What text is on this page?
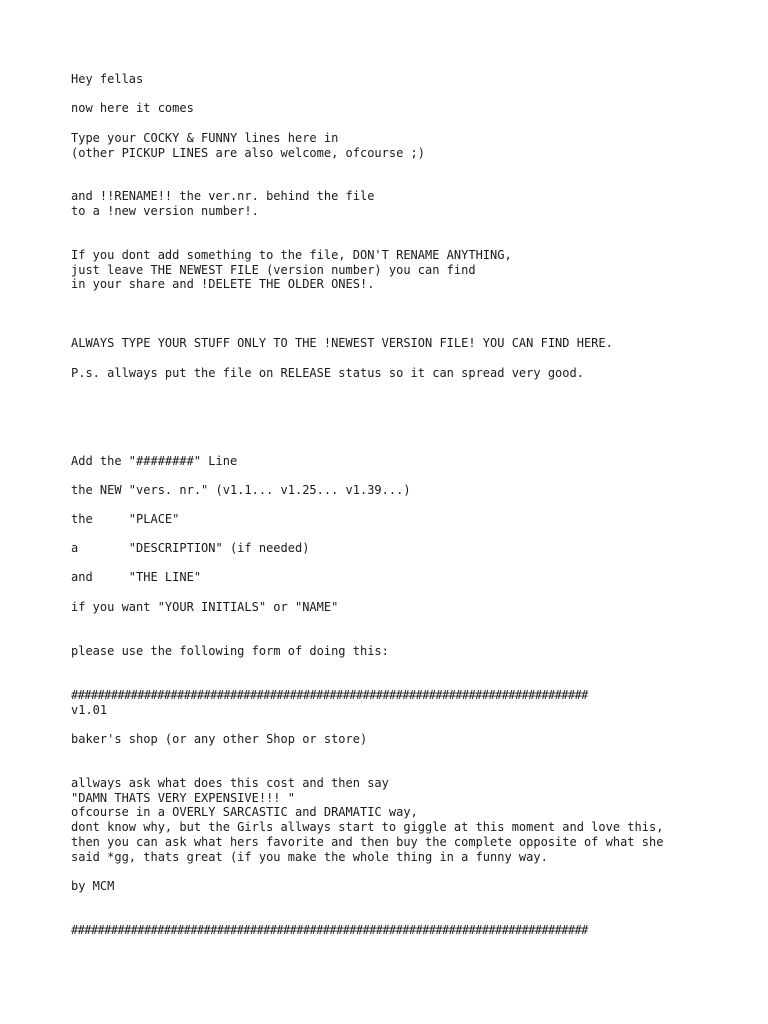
Hey fellas
now here it comes
Type your COCKY & FUNNY lines here in
(other PICKUP LINES are also welcome, ofcourse ;)
and !!RENAME!! the ver.nr. behind the file
to a !new version number!.
If you dont add something to the file, DON'T RENAME ANYTHING,
just leave THE NEWEST FILE (version number) you can find
in your share and !DELETE THE OLDER ONES!.
ALWAYS TYPE YOUR STUFF ONLY TO THE !NEWEST VERSION FILE! YOU CAN FIND HERE.
P.s. allways put the file on RELEASE status so it can spread very good.
Add the "########" Line
the NEW "vers. nr." (v1.1... v1.25... v1.39...)
the     "PLACE"
a       "DESCRIPTION" (if needed)
and     "THE LINE"
if you want "YOUR INITIALS" or "NAME"
please use the following form of doing this:
##############################################################################
v1.01
baker's shop (or any other Shop or store)
allways ask what does this cost and then say
"DAMN THATS VERY EXPENSIVE!!! "
ofcourse in a OVERLY SARCASTIC and DRAMATIC way,
dont know why, but the Girls allways start to giggle at this moment and love this,
then you can ask what hers favorite and then buy the complete opposite of what she
said *gg, thats great (if you make the whole thing in a funny way.
by MCM
##############################################################################
